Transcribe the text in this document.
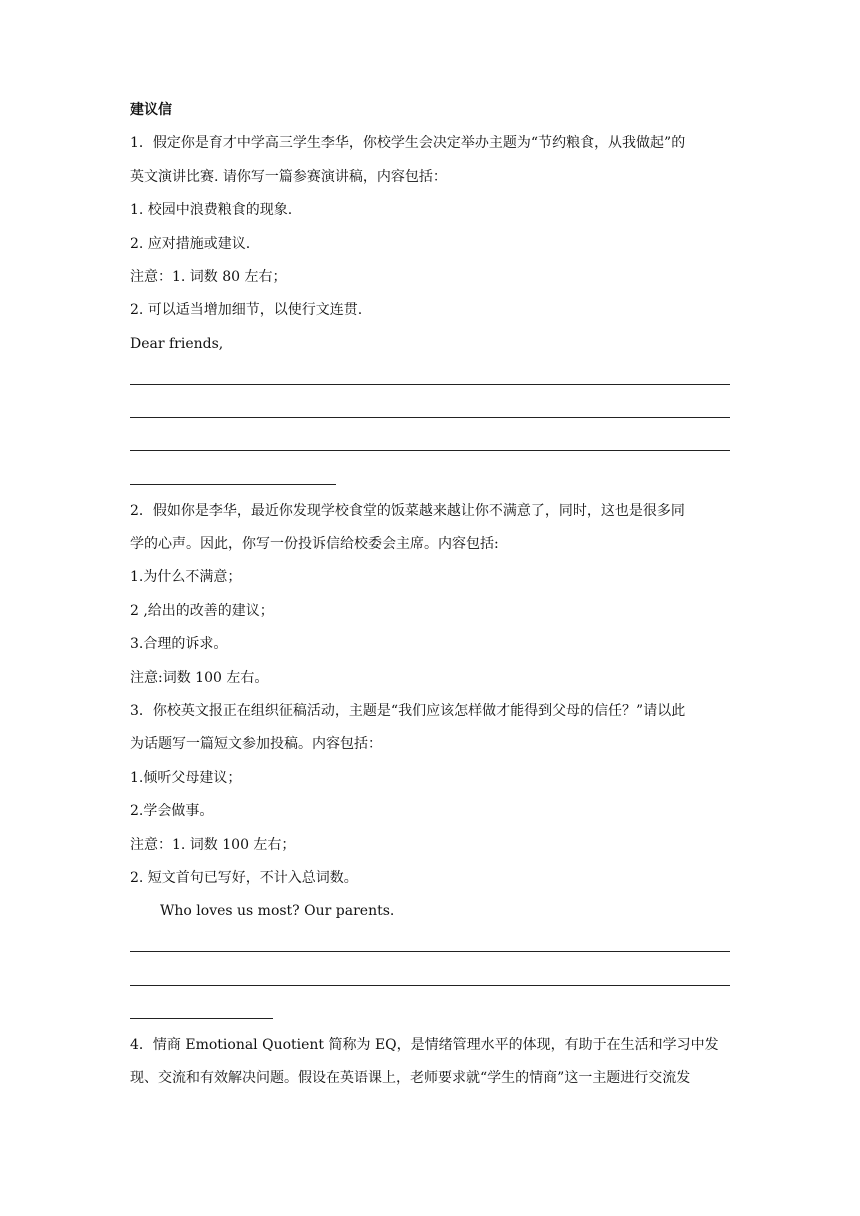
建议信
1．假定你是育才中学高三学生李华，你校学生会决定举办主题为“节约粮食，从我做起”的
英文演讲比赛. 请你写一篇参赛演讲稿，内容包括：
1. 校园中浪费粮食的现象.
2. 应对措施或建议.
注意：1. 词数 80 左右；
2. 可以适当增加细节，以使行文连贯.
Dear friends,
2．假如你是李华，最近你发现学校食堂的饭菜越来越让你不满意了，同时，这也是很多同
学的心声。因此，你写一份投诉信给校委会主席。内容包括:
1.为什么不满意；
2 ,给出的改善的建议；
3.合理的诉求。
注意:词数 100 左右。
3．你校英文报正在组织征稿活动，主题是“我们应该怎样做才能得到父母的信任？”请以此
为话题写一篇短文参加投稿。内容包括：
1.倾听父母建议；
2.学会做事。
注意：1. 词数 100 左右；
2. 短文首句已写好，不计入总词数。
Who loves us most? Our parents.
4．情商 Emotional Quotient 简称为 EQ，是情绪管理水平的体现，有助于在生活和学习中发
现、交流和有效解决问题。假设在英语课上，老师要求就“学生的情商”这一主题进行交流发
